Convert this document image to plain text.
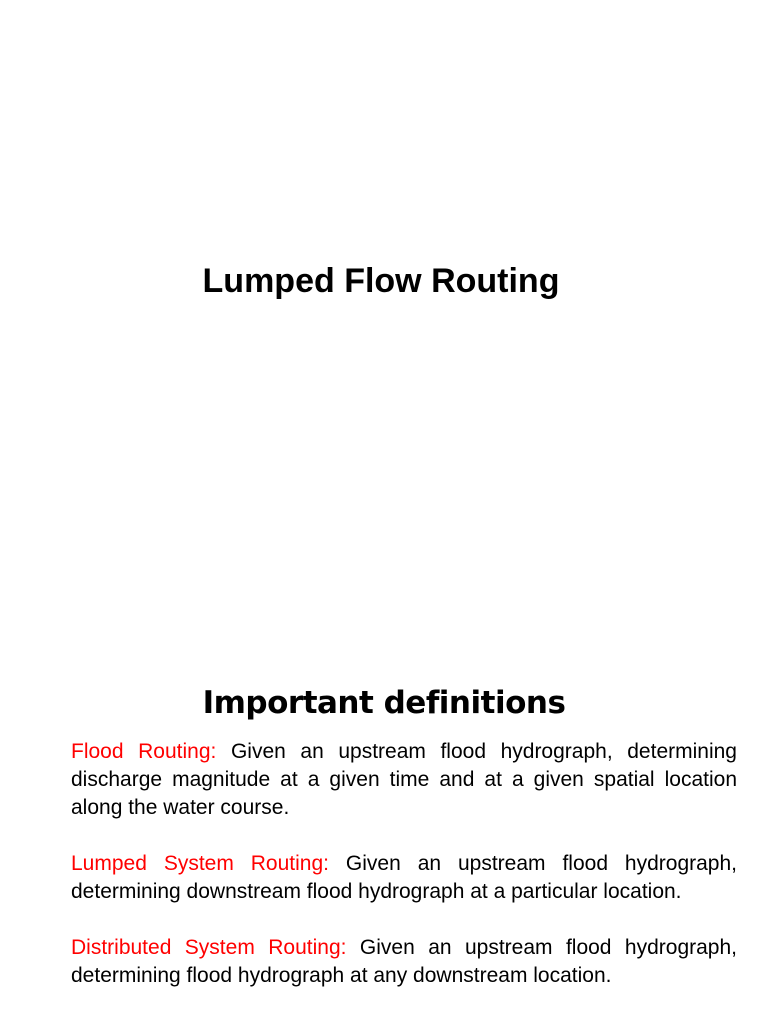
Lumped Flow Routing
Important definitions

Flood Routing: Given an upstream flood hydrograph, determining discharge magnitude at a given time and at a given spatial location along the water course.

Lumped System Routing: Given an upstream flood hydrograph, determining downstream flood hydrograph at a particular location.

Distributed System Routing: Given an upstream flood hydrograph, determining flood hydrograph at any downstream location.
